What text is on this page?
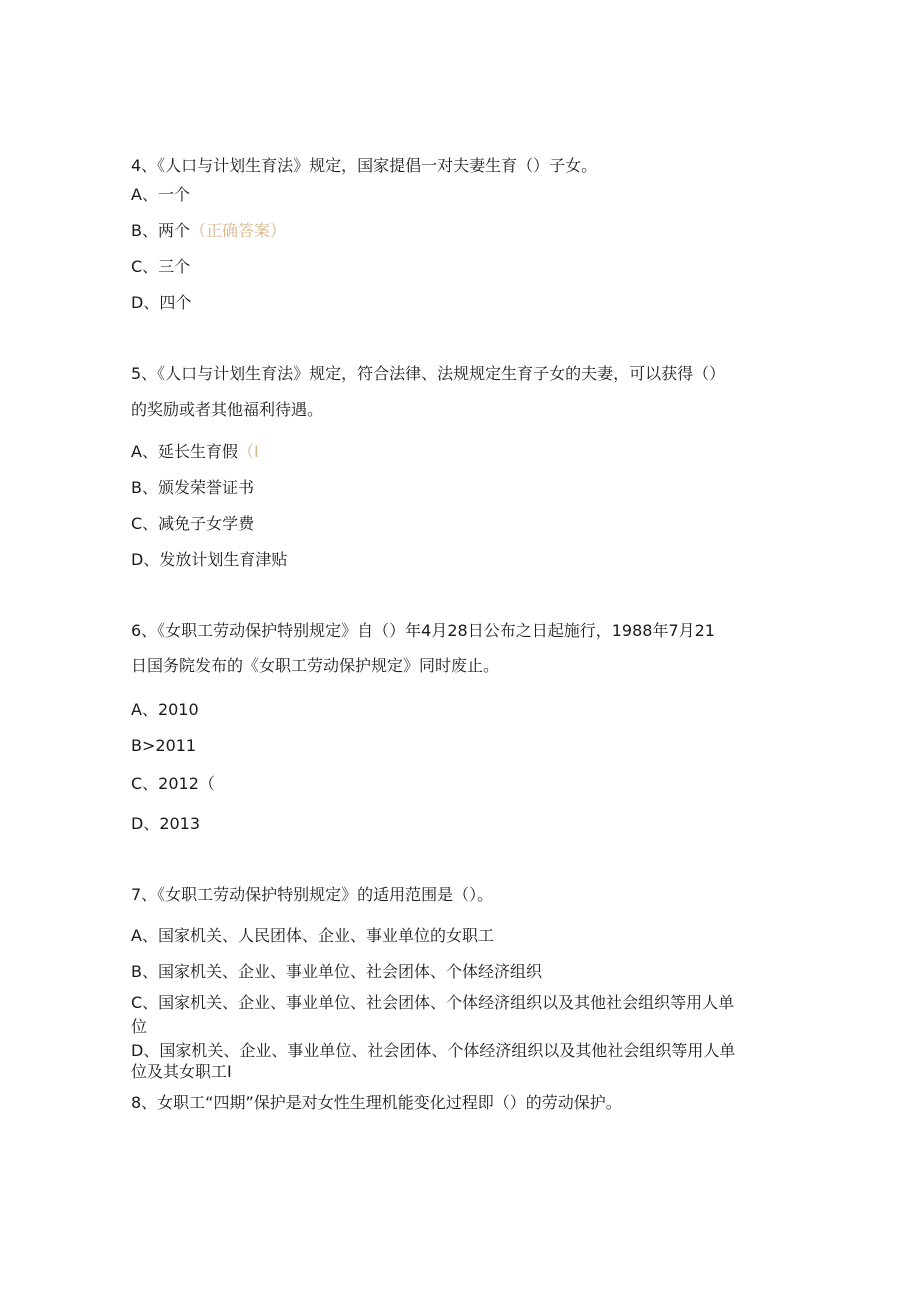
4、《人口与计划生育法》规定，国家提倡一对夫妻生育（）子女。

A、一个

B、两个（正确答案）

C、三个

D、四个

5、《人口与计划生育法》规定，符合法律、法规规定生育子女的夫妻，可以获得（）

的奖励或者其他福利待遇。

A、延长生育假（I

B、颁发荣誉证书

C、减免子女学费

D、发放计划生育津贴

6、《女职工劳动保护特别规定》自（）年4月28日公布之日起施行，1988年7月21

日国务院发布的《女职工劳动保护规定》同时废止。

A、2010

B>2011

C、2012（

D、2013

7、《女职工劳动保护特别规定》的适用范围是（）。

A、国家机关、人民团体、企业、事业单位的女职工

B、国家机关、企业、事业单位、社会团体、个体经济组织

C、国家机关、企业、事业单位、社会团体、个体经济组织以及其他社会组织等用人单

位

D、国家机关、企业、事业单位、社会团体、个体经济组织以及其他社会组织等用人单

位及其女职工I

8、女职工“四期”保护是对女性生理机能变化过程即（）的劳动保护。
